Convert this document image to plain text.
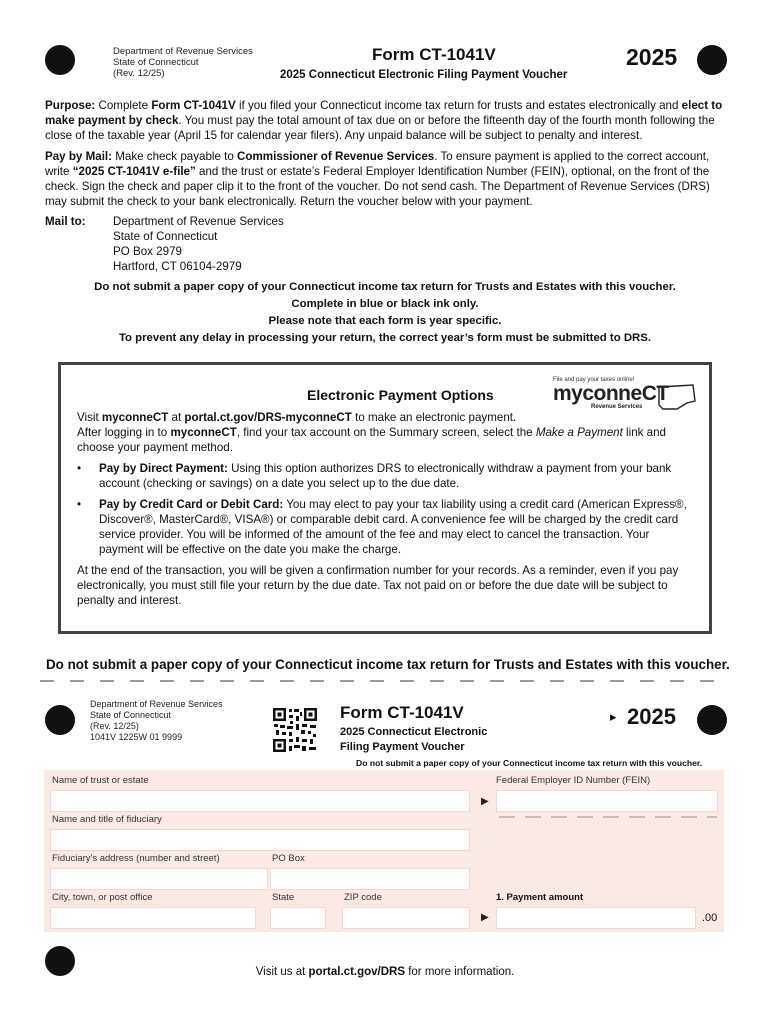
Department of Revenue Services
State of Connecticut
(Rev. 12/25)
Form CT-1041V
2025 Connecticut Electronic Filing Payment Voucher
2025
Purpose: Complete Form CT-1041V if you filed your Connecticut income tax return for trusts and estates electronically and elect to make payment by check. You must pay the total amount of tax due on or before the fifteenth day of the fourth month following the close of the taxable year (April 15 for calendar year filers). Any unpaid balance will be subject to penalty and interest.
Pay by Mail: Make check payable to Commissioner of Revenue Services. To ensure payment is applied to the correct account, write “2025 CT-1041V e-file” and the trust or estate’s Federal Employer Identification Number (FEIN), optional, on the front of the check. Sign the check and paper clip it to the front of the voucher. Do not send cash. The Department of Revenue Services (DRS) may submit the check to your bank electronically. Return the voucher below with your payment.
Mail to: Department of Revenue Services
State of Connecticut
PO Box 2979
Hartford, CT 06104-2979
Do not submit a paper copy of your Connecticut income tax return for Trusts and Estates with this voucher.
Complete in blue or black ink only.
Please note that each form is year specific.
To prevent any delay in processing your return, the correct year’s form must be submitted to DRS.
Electronic Payment Options
File and pay your taxes online!
myconneCT
Revenue Services
Visit myconneCT at portal.ct.gov/DRS-myconneCT to make an electronic payment.
After logging in to myconneCT, find your tax account on the Summary screen, select the Make a Payment link and choose your payment method.
• Pay by Direct Payment: Using this option authorizes DRS to electronically withdraw a payment from your bank account (checking or savings) on a date you select up to the due date.
• Pay by Credit Card or Debit Card: You may elect to pay your tax liability using a credit card (American Express®, Discover®, MasterCard®, VISA®) or comparable debit card. A convenience fee will be charged by the credit card service provider. You will be informed of the amount of the fee and may elect to cancel the transaction. Your payment will be effective on the date you make the charge.
At the end of the transaction, you will be given a confirmation number for your records. As a reminder, even if you pay electronically, you must still file your return by the due date. Tax not paid on or before the due date will be subject to penalty and interest.
Do not submit a paper copy of your Connecticut income tax return for Trusts and Estates with this voucher.
Department of Revenue Services
State of Connecticut
(Rev. 12/25)
1041V 1225W 01 9999
Form CT-1041V
2025 Connecticut Electronic
Filing Payment Voucher
▸ 2025
Do not submit a paper copy of your Connecticut income tax return with this voucher.
Name of trust or estate
▶
Federal Employer ID Number (FEIN)
Name and title of fiduciary
Fiduciary's address (number and street)	PO Box
City, town, or post office	State	ZIP code	1. Payment amount
▶	.00
Visit us at portal.ct.gov/DRS for more information.
